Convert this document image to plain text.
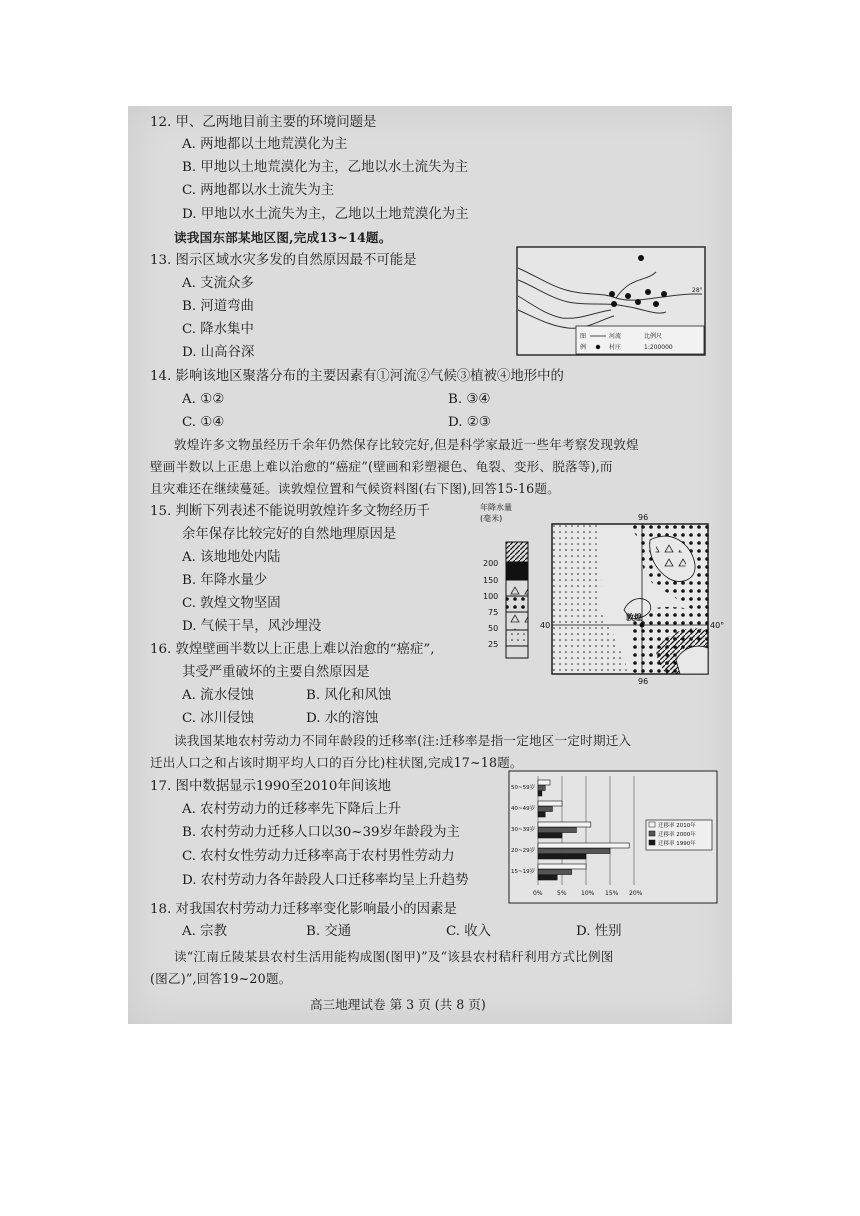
12. 甲、乙两地目前主要的环境问题是
A. 两地都以土地荒漠化为主
B. 甲地以土地荒漠化为主，乙地以水土流失为主
C. 两地都以水土流失为主
D. 甲地以水土流失为主，乙地以土地荒漠化为主
读我国东部某地区图,完成13~14题。
13. 图示区域水灾多发的自然原因最不可能是
A. 支流众多
B. 河道弯曲
C. 降水集中
D. 山高谷深
28°
图
例
河流
村庄
比例尺
1:200000
14. 影响该地区聚落分布的主要因素有①河流②气候③植被④地形中的
A. ①②	B. ③④
C. ①④	D. ②③
敦煌许多文物虽经历千余年仍然保存比较完好,但是科学家最近一些年考察发现敦煌
壁画半数以上正患上难以治愈的“癌症”(壁画和彩塑褪色、龟裂、变形、脱落等),而
且灾难还在继续蔓延。读敦煌位置和气候资料图(右下图),回答15-16题。
15. 判断下列表述不能说明敦煌许多文物经历千
余年保存比较完好的自然地理原因是
A. 该地地处内陆
B. 年降水量少
C. 敦煌文物坚固
D. 气候干旱，风沙埋没
年降水量
(毫米)
200
150
100
75
50
25
96
96
40	40°
敦煌
16. 敦煌壁画半数以上正患上难以治愈的“癌症”,
其受严重破坏的主要自然原因是
A. 流水侵蚀	B. 风化和风蚀
C. 冰川侵蚀	D. 水的溶蚀
读我国某地农村劳动力不同年龄段的迁移率(注:迁移率是指一定地区一定时期迁入
迁出人口之和占该时期平均人口的百分比)柱状图,完成17~18题。
17. 图中数据显示1990至2010年间该地
A. 农村劳动力的迁移率先下降后上升
B. 农村劳动力迁移人口以30~39岁年龄段为主
C. 农村女性劳动力迁移率高于农村男性劳动力
D. 农村劳动力各年龄段人口迁移率均呈上升趋势
0% 5% 10% 15% 20%
50~59岁
40~49岁
30~39岁
20~29岁
15~19岁
迁移率 2010年
迁移率 2000年
迁移率 1990年
18. 对我国农村劳动力迁移率变化影响最小的因素是
A. 宗教	B. 交通	C. 收入	D. 性别
读“江南丘陵某县农村生活用能构成图(图甲)”及“该县农村秸秆利用方式比例图
(图乙)”,回答19~20题。
高三地理试卷 第 3 页 (共 8 页)
